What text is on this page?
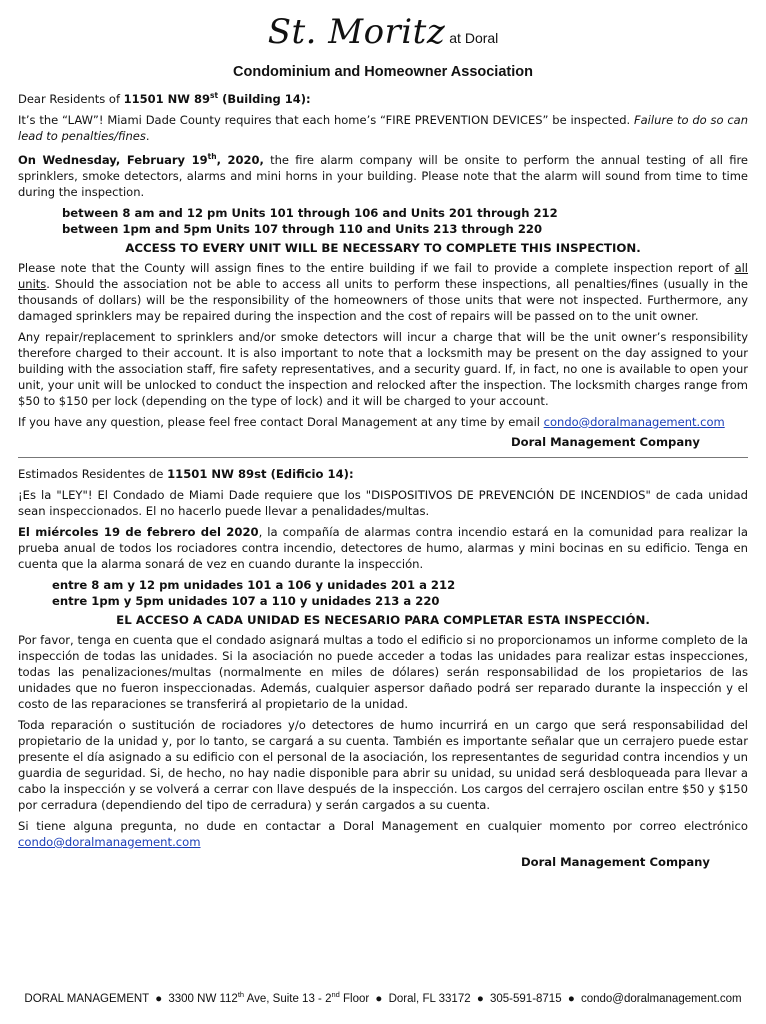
St. Moritz at Doral
Condominium and Homeowner Association

Dear Residents of 11501 NW 89st (Building 14):

It’s the “LAW”! Miami Dade County requires that each home’s “FIRE PREVENTION DEVICES” be inspected. Failure to do so can lead to penalties/fines.

On Wednesday, February 19th, 2020, the fire alarm company will be onsite to perform the annual testing of all fire sprinklers, smoke detectors, alarms and mini horns in your building. Please note that the alarm will sound from time to time during the inspection.

between 8 am and 12 pm Units 101 through 106 and Units 201 through 212
between 1pm and 5pm Units 107 through 110 and Units 213 through 220
ACCESS TO EVERY UNIT WILL BE NECESSARY TO COMPLETE THIS INSPECTION.

Please note that the County will assign fines to the entire building if we fail to provide a complete inspection report of all units. Should the association not be able to access all units to perform these inspections, all penalties/fines (usually in the thousands of dollars) will be the responsibility of the homeowners of those units that were not inspected. Furthermore, any damaged sprinklers may be repaired during the inspection and the cost of repairs will be passed on to the unit owner.

Any repair/replacement to sprinklers and/or smoke detectors will incur a charge that will be the unit owner’s responsibility therefore charged to their account. It is also important to note that a locksmith may be present on the day assigned to your building with the association staff, fire safety representatives, and a security guard. If, in fact, no one is available to open your unit, your unit will be unlocked to conduct the inspection and relocked after the inspection. The locksmith charges range from $50 to $150 per lock (depending on the type of lock) and it will be charged to your account.

If you have any question, please feel free contact Doral Management at any time by email condo@doralmanagement.com

Doral Management Company

Estimados Residentes de 11501 NW 89st (Edificio 14):

¡Es la "LEY"! El Condado de Miami Dade requiere que los "DISPOSITIVOS DE PREVENCIÓN DE INCENDIOS" de cada unidad sean inspeccionados. El no hacerlo puede llevar a penalidades/multas.

El miércoles 19 de febrero del 2020, la compañía de alarmas contra incendio estará en la comunidad para realizar la prueba anual de todos los rociadores contra incendio, detectores de humo, alarmas y mini bocinas en su edificio. Tenga en cuenta que la alarma sonará de vez en cuando durante la inspección.

entre 8 am y 12 pm unidades 101 a 106 y unidades 201 a 212
entre 1pm y 5pm unidades 107 a 110 y unidades 213 a 220
EL ACCESO A CADA UNIDAD ES NECESARIO PARA COMPLETAR ESTA INSPECCIÓN.

Por favor, tenga en cuenta que el condado asignará multas a todo el edificio si no proporcionamos un informe completo de la inspección de todas las unidades. Si la asociación no puede acceder a todas las unidades para realizar estas inspecciones, todas las penalizaciones/multas (normalmente en miles de dólares) serán responsabilidad de los propietarios de las unidades que no fueron inspeccionadas. Además, cualquier aspersor dañado podrá ser reparado durante la inspección y el costo de las reparaciones se transferirá al propietario de la unidad.

Toda reparación o sustitución de rociadores y/o detectores de humo incurrirá en un cargo que será responsabilidad del propietario de la unidad y, por lo tanto, se cargará a su cuenta. También es importante señalar que un cerrajero puede estar presente el día asignado a su edificio con el personal de la asociación, los representantes de seguridad contra incendios y un guardia de seguridad. Si, de hecho, no hay nadie disponible para abrir su unidad, su unidad será desbloqueada para llevar a cabo la inspección y se volverá a cerrar con llave después de la inspección. Los cargos del cerrajero oscilan entre $50 y $150 por cerradura (dependiendo del tipo de cerradura) y serán cargados a su cuenta.

Si tiene alguna pregunta, no dude en contactar a Doral Management en cualquier momento por correo electrónico condo@doralmanagement.com

Doral Management Company
DORAL MANAGEMENT ● 3300 NW 112th Ave, Suite 13 - 2nd Floor ● Doral, FL 33172 ● 305-591-8715 ● condo@doralmanagement.com
